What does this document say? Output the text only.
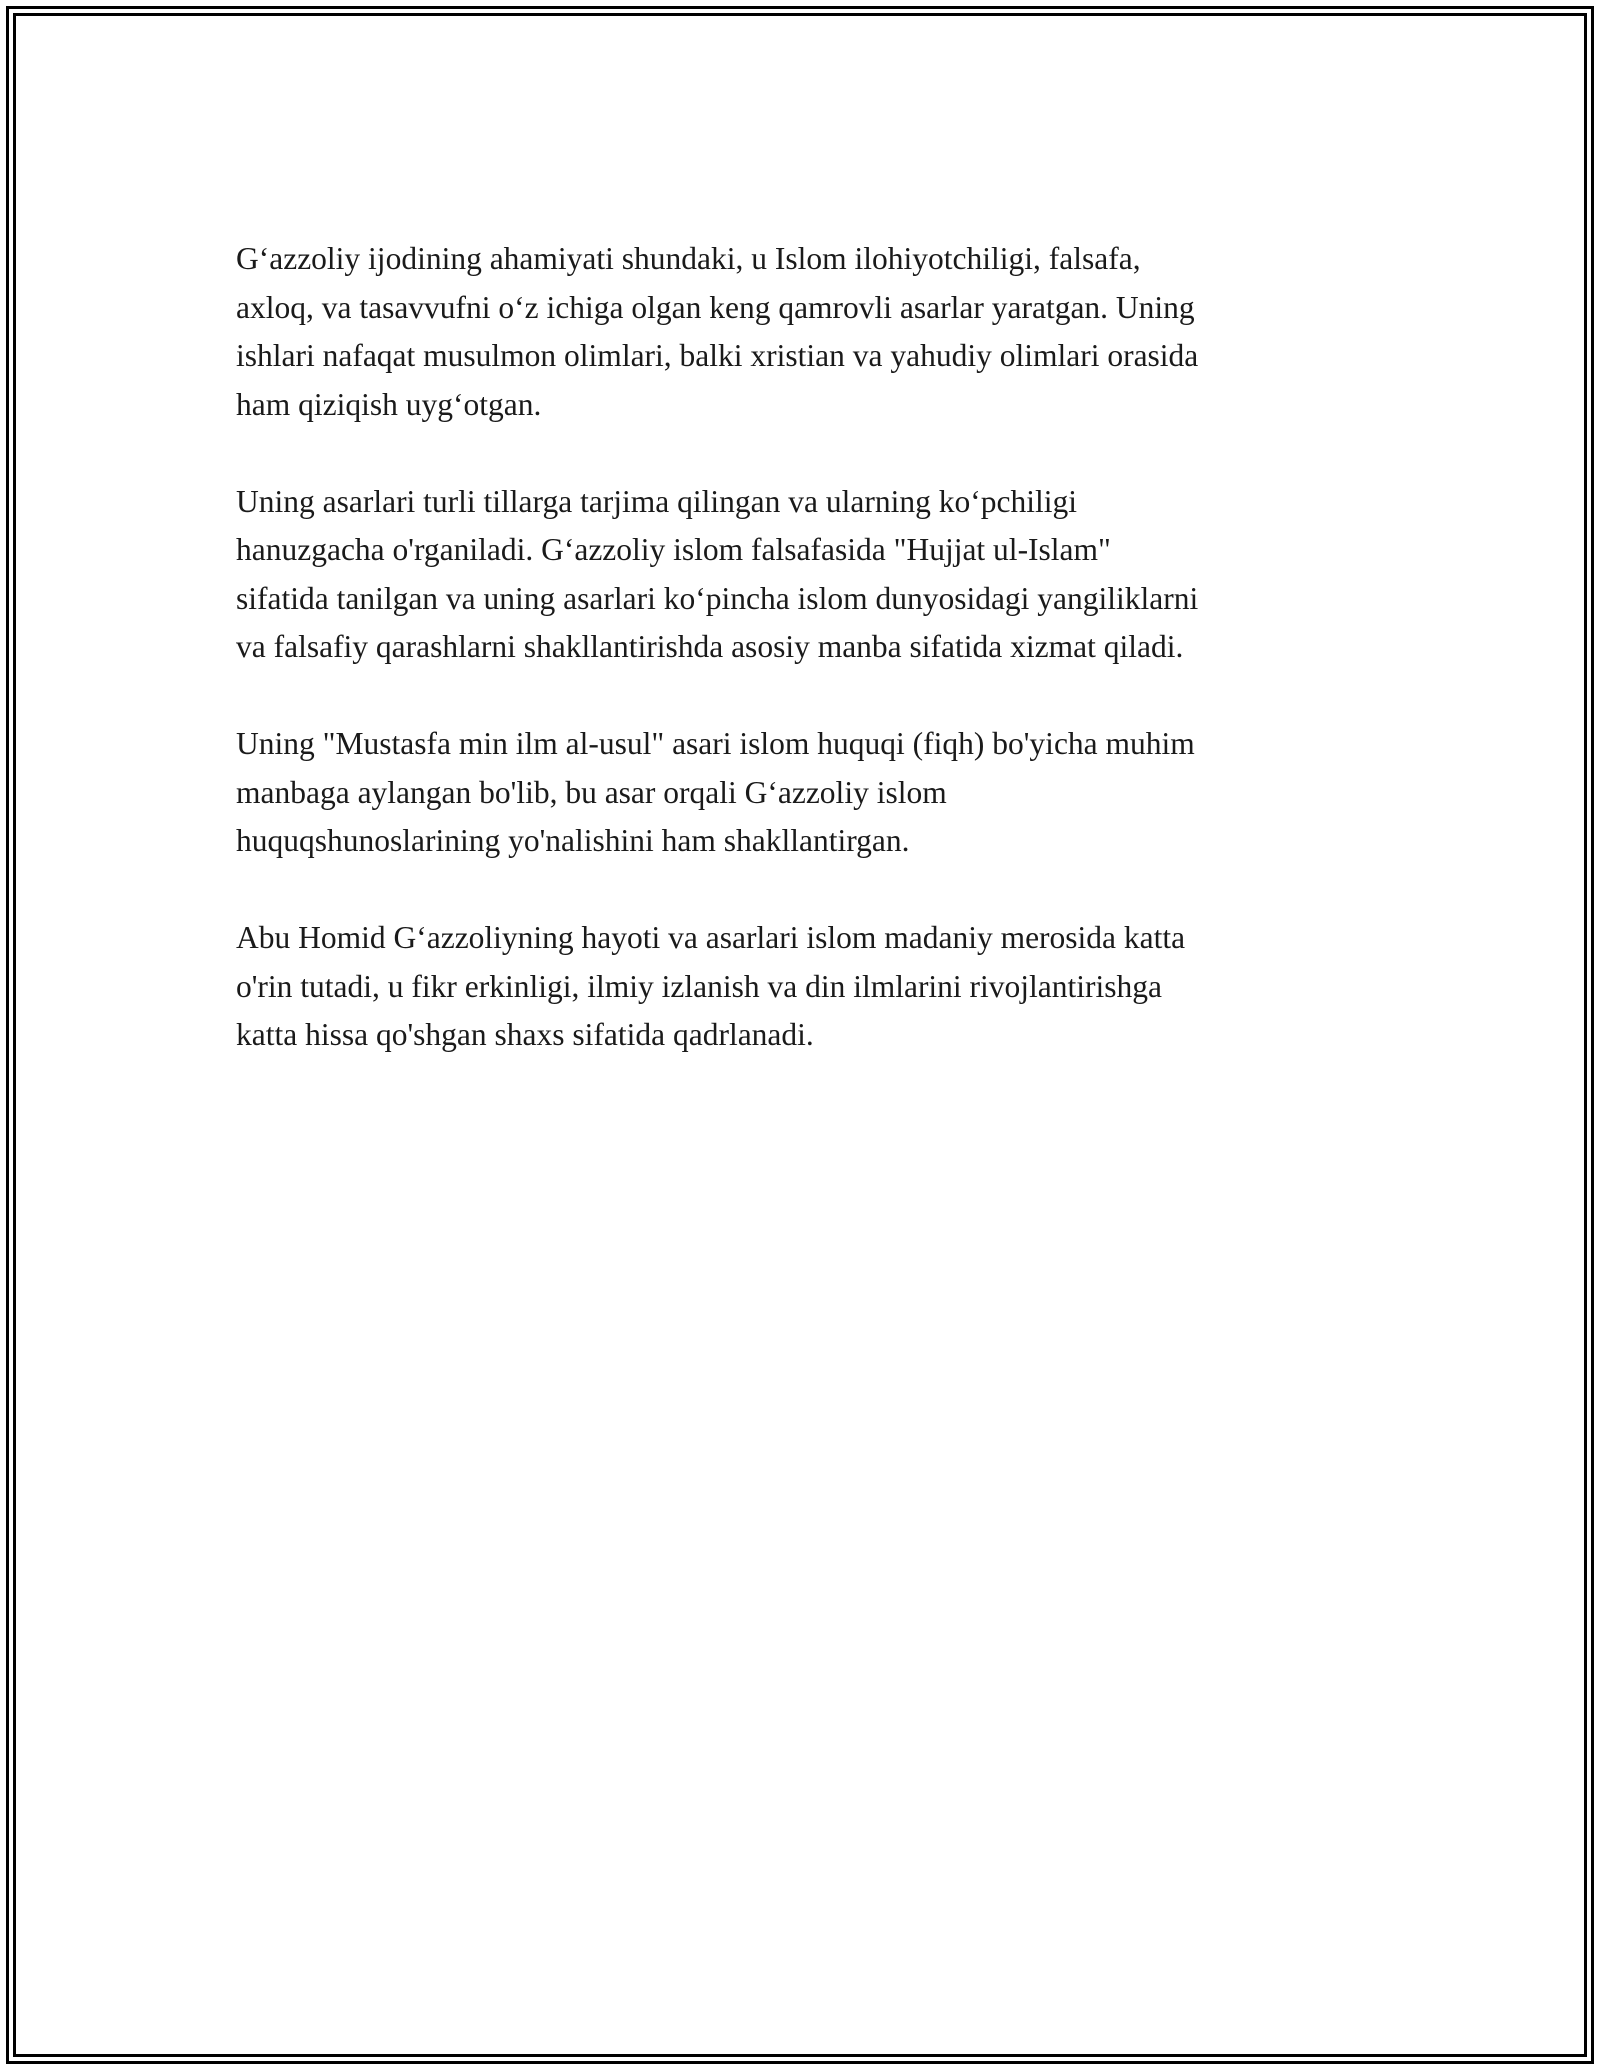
G‘azzoliy ijodining ahamiyati shundaki, u Islom ilohiyotchiligi, falsafa,
axloq, va tasavvufni o‘z ichiga olgan keng qamrovli asarlar yaratgan. Uning
ishlari nafaqat musulmon olimlari, balki xristian va yahudiy olimlari orasida
ham qiziqish uyg‘otgan.

Uning asarlari turli tillarga tarjima qilingan va ularning ko‘pchiligi
hanuzgacha o'rganiladi. G‘azzoliy islom falsafasida "Hujjat ul-Islam"
sifatida tanilgan va uning asarlari ko‘pincha islom dunyosidagi yangiliklarni
va falsafiy qarashlarni shakllantirishda asosiy manba sifatida xizmat qiladi.

Uning "Mustasfa min ilm al-usul" asari islom huquqi (fiqh) bo'yicha muhim
manbaga aylangan bo'lib, bu asar orqali G‘azzoliy islom
huquqshunoslarining yo'nalishini ham shakllantirgan.

Abu Homid G‘azzoliyning hayoti va asarlari islom madaniy merosida katta
o'rin tutadi, u fikr erkinligi, ilmiy izlanish va din ilmlarini rivojlantirishga
katta hissa qo'shgan shaxs sifatida qadrlanadi.
